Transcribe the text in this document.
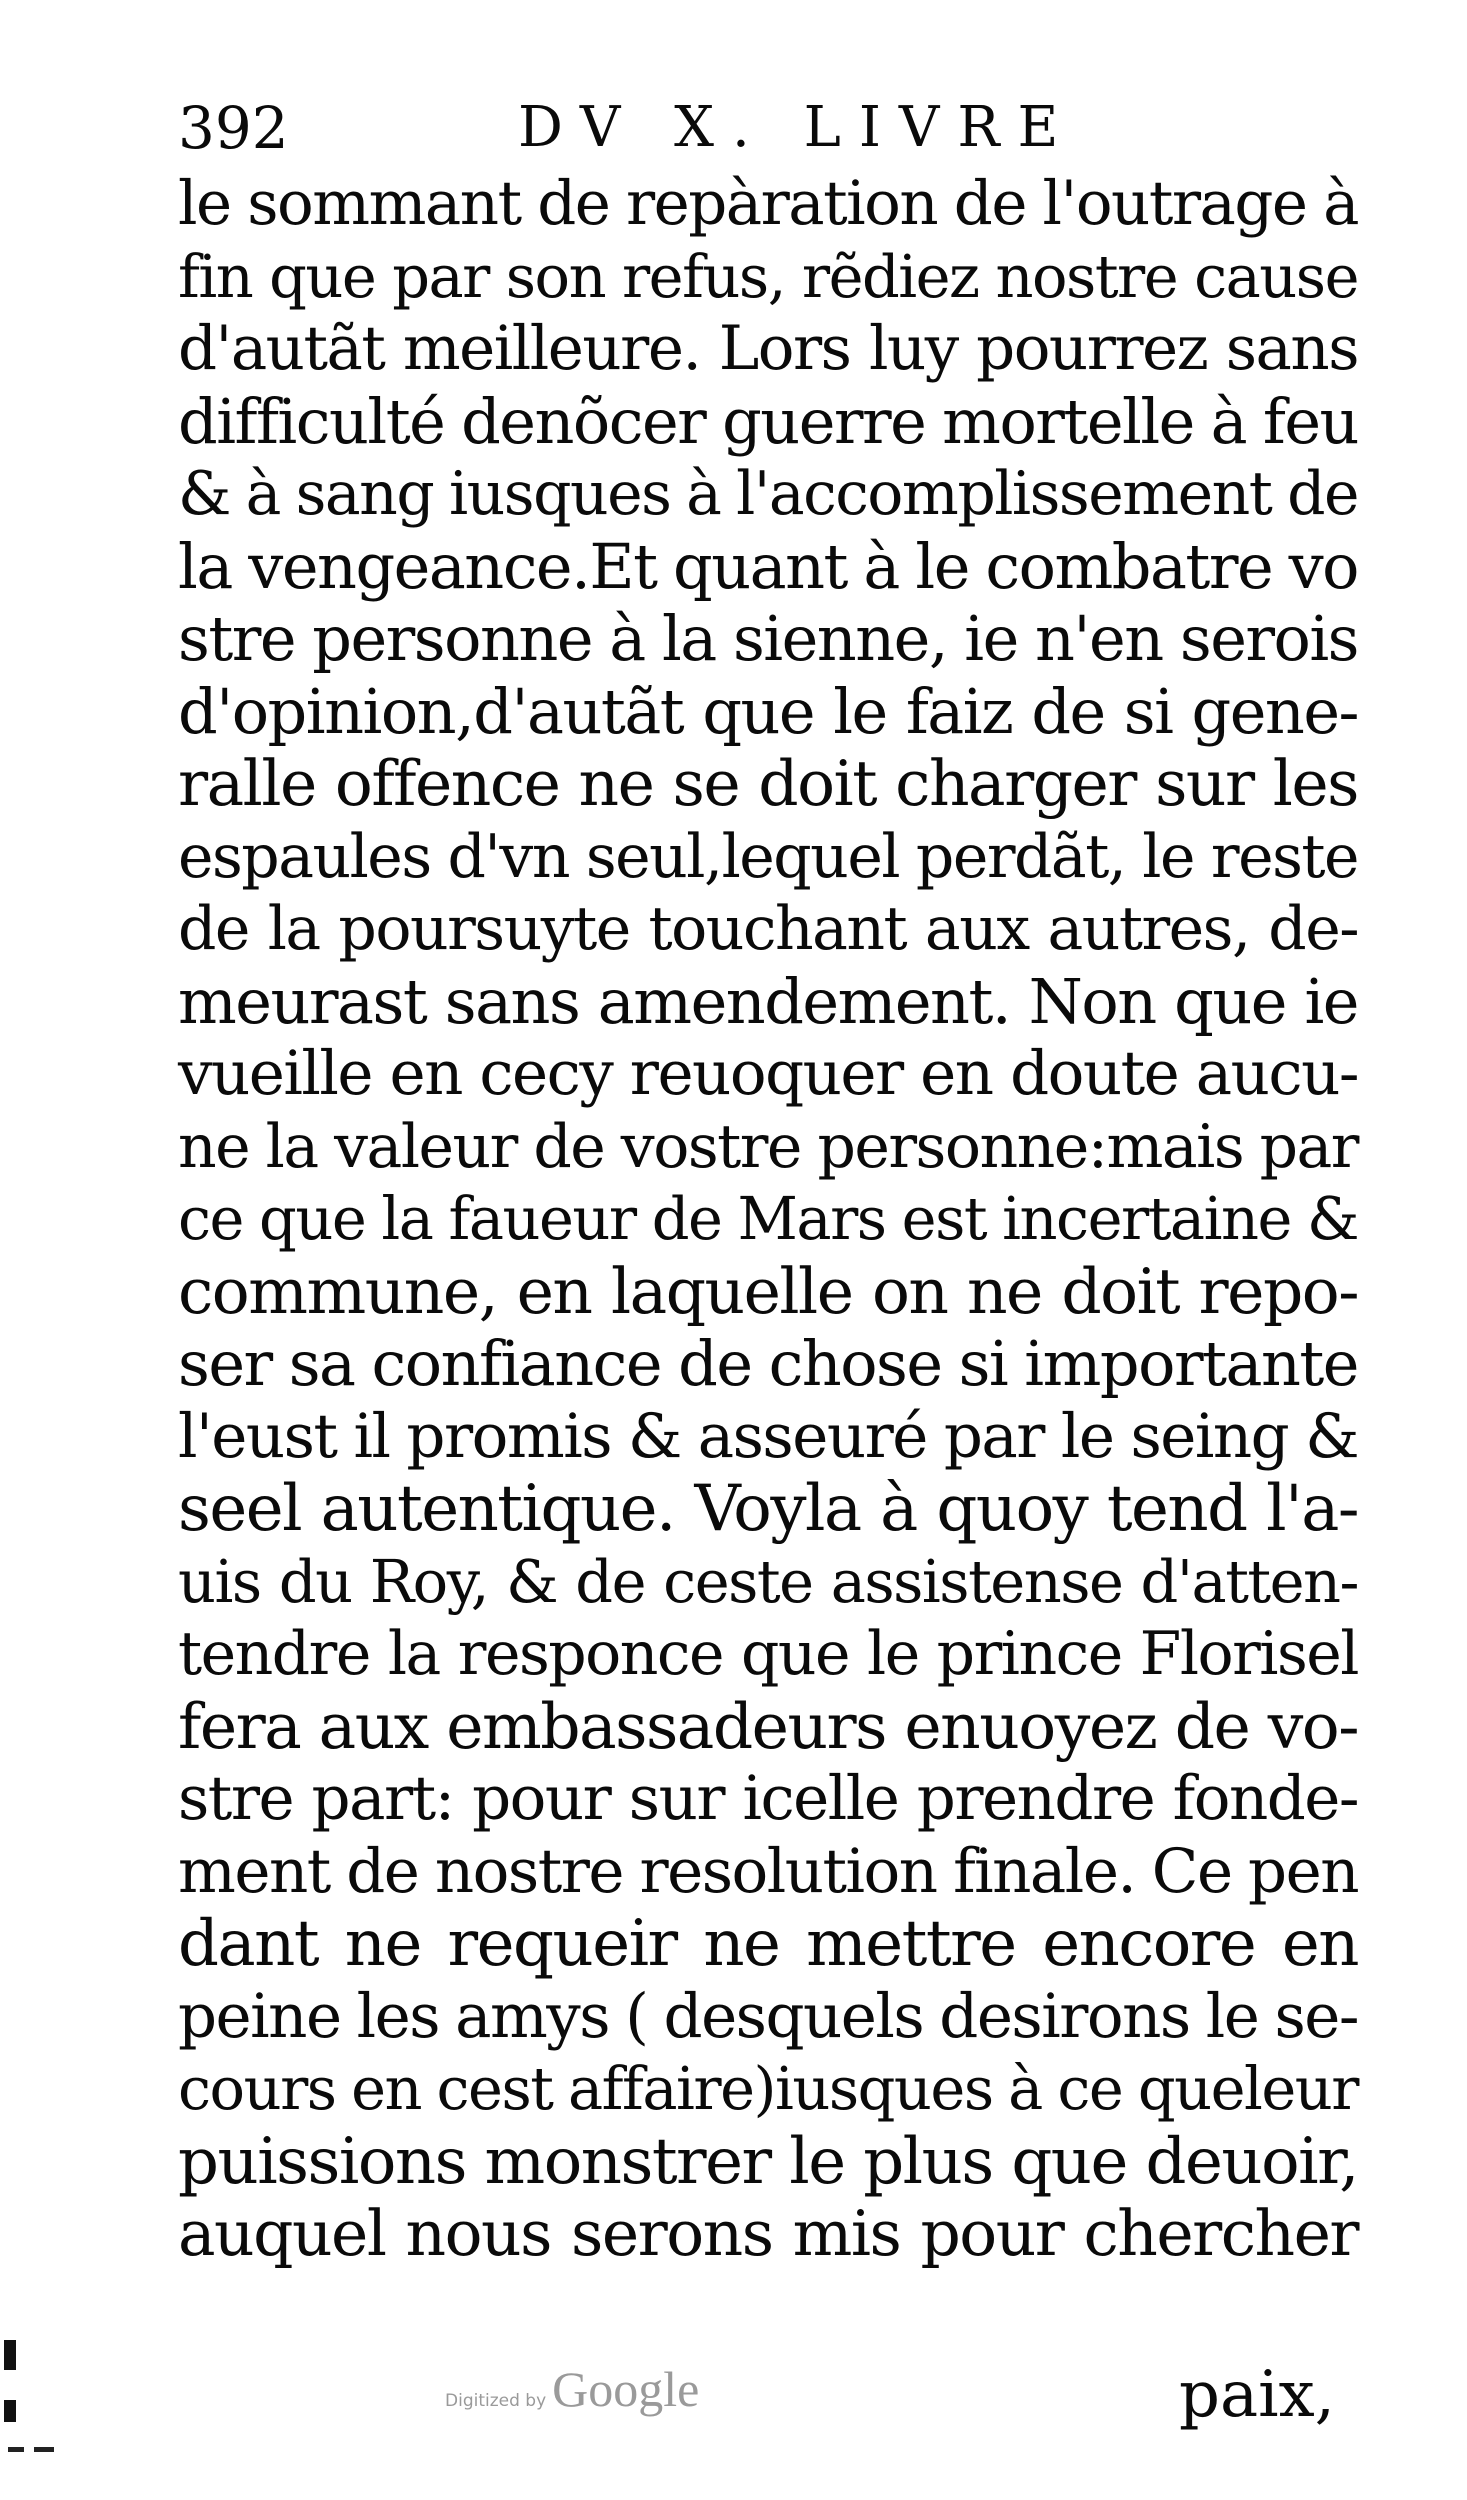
392	DV X. LIVRE
le sommant de repàration de l'outrage à
fin que par son refus, rẽdiez nostre cause
d'autãt meilleure. Lors luy pourrez sans
difficulté denõcer guerre mortelle à feu
& à sang iusques à l'accomplissement de
la vengeance.Et quant à le combatre vo
stre personne à la sienne, ie n'en serois
d'opinion,d'autãt que le faiz de si gene-
ralle offence ne se doit charger sur les
espaules d'vn seul,lequel perdãt, le reste
de la poursuyte touchant aux autres, de-
meurast sans amendement. Non que ie
vueille en cecy reuoquer en doute aucu-
ne la valeur de vostre personne:mais par
ce que la faueur de Mars est incertaine &
commune, en laquelle on ne doit repo-
ser sa confiance de chose si importante
l'eust il promis & asseuré par le seing &
seel autentique. Voyla à quoy tend l'a-
uis du Roy, & de ceste assistense d'atten-
tendre la responce que le prince Florisel
fera aux embassadeurs enuoyez de vo-
stre part: pour sur icelle prendre fonde-
ment de nostre resolution finale. Ce pen
dant ne requeir ne mettre encore en
peine les amys ( desquels desirons le se-
cours en cest affaire)iusques à ce queleur
puissions monstrer le plus que deuoir,
auquel nous serons mis pour chercher
Digitized by Google	paix,
